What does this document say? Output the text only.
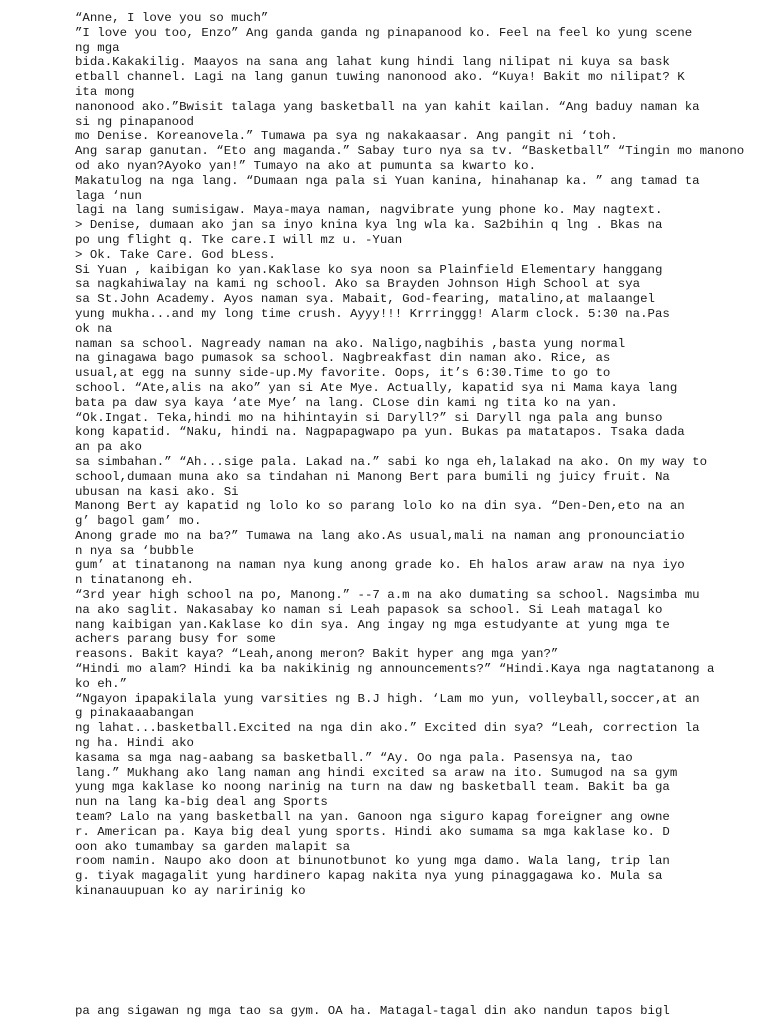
“Anne, I love you so much”
”I love you too, Enzo” Ang ganda ganda ng pinapanood ko. Feel na feel ko yung scene
ng mga
bida.Kakakilig. Maayos na sana ang lahat kung hindi lang nilipat ni kuya sa bask
etball channel. Lagi na lang ganun tuwing nanonood ako. “Kuya! Bakit mo nilipat? K
ita mong
nanonood ako.”Bwisit talaga yang basketball na yan kahit kailan. “Ang baduy naman ka
si ng pinapanood
mo Denise. Koreanovela.” Tumawa pa sya ng nakakaasar. Ang pangit ni ‘toh.
Ang sarap ganutan. “Eto ang maganda.” Sabay turo nya sa tv. “Basketball” “Tingin mo manono
od ako nyan?Ayoko yan!” Tumayo na ako at pumunta sa kwarto ko.
Makatulog na nga lang. “Dumaan nga pala si Yuan kanina, hinahanap ka. ” ang tamad ta
laga ‘nun
lagi na lang sumisigaw. Maya-maya naman, nagvibrate yung phone ko. May nagtext.
> Denise, dumaan ako jan sa inyo knina kya lng wla ka. Sa2bihin q lng . Bkas na
po ung flight q. Tke care.I will mz u. -Yuan
> Ok. Take Care. God bLess.
Si Yuan , kaibigan ko yan.Kaklase ko sya noon sa Plainfield Elementary hanggang
sa nagkahiwalay na kami ng school. Ako sa Brayden Johnson High School at sya
sa St.John Academy. Ayos naman sya. Mabait, God-fearing, matalino,at malaangel
yung mukha...and my long time crush. Ayyy!!! Krrringgg! Alarm clock. 5:30 na.Pas
ok na
naman sa school. Nagready naman na ako. Naligo,nagbihis ,basta yung normal
na ginagawa bago pumasok sa school. Nagbreakfast din naman ako. Rice, as
usual,at egg na sunny side-up.My favorite. Oops, it’s 6:30.Time to go to
school. “Ate,alis na ako” yan si Ate Mye. Actually, kapatid sya ni Mama kaya lang
bata pa daw sya kaya ‘ate Mye’ na lang. CLose din kami ng tita ko na yan.
“Ok.Ingat. Teka,hindi mo na hihintayin si Daryll?” si Daryll nga pala ang bunso
kong kapatid. “Naku, hindi na. Nagpapagwapo pa yun. Bukas pa matatapos. Tsaka dada
an pa ako
sa simbahan.” “Ah...sige pala. Lakad na.” sabi ko nga eh,lalakad na ako. On my way to
school,dumaan muna ako sa tindahan ni Manong Bert para bumili ng juicy fruit. Na
ubusan na kasi ako. Si
Manong Bert ay kapatid ng lolo ko so parang lolo ko na din sya. “Den-Den,eto na an
g’ bagol gam’ mo.
Anong grade mo na ba?” Tumawa na lang ako.As usual,mali na naman ang pronounciatio
n nya sa ‘bubble
gum’ at tinatanong na naman nya kung anong grade ko. Eh halos araw araw na nya iyo
n tinatanong eh.
“3rd year high school na po, Manong.” --7 a.m na ako dumating sa school. Nagsimba mu
na ako saglit. Nakasabay ko naman si Leah papasok sa school. Si Leah matagal ko
nang kaibigan yan.Kaklase ko din sya. Ang ingay ng mga estudyante at yung mga te
achers parang busy for some
reasons. Bakit kaya? “Leah,anong meron? Bakit hyper ang mga yan?”
“Hindi mo alam? Hindi ka ba nakikinig ng announcements?” “Hindi.Kaya nga nagtatanong a
ko eh.”
“Ngayon ipapakilala yung varsities ng B.J high. ‘Lam mo yun, volleyball,soccer,at an
g pinakaaabangan
ng lahat...basketball.Excited na nga din ako.” Excited din sya? “Leah, correction la
ng ha. Hindi ako
kasama sa mga nag-aabang sa basketball.” “Ay. Oo nga pala. Pasensya na, tao
lang.” Mukhang ako lang naman ang hindi excited sa araw na ito. Sumugod na sa gym
yung mga kaklase ko noong narinig na turn na daw ng basketball team. Bakit ba ga
nun na lang ka-big deal ang Sports
team? Lalo na yang basketball na yan. Ganoon nga siguro kapag foreigner ang owne
r. American pa. Kaya big deal yung sports. Hindi ako sumama sa mga kaklase ko. D
oon ako tumambay sa garden malapit sa
room namin. Naupo ako doon at binunotbunot ko yung mga damo. Wala lang, trip lan
g. tiyak magagalit yung hardinero kapag nakita nya yung pinaggagawa ko. Mula sa
kinanauupuan ko ay naririnig ko
pa ang sigawan ng mga tao sa gym. OA ha. Matagal-tagal din ako nandun tapos bigl
